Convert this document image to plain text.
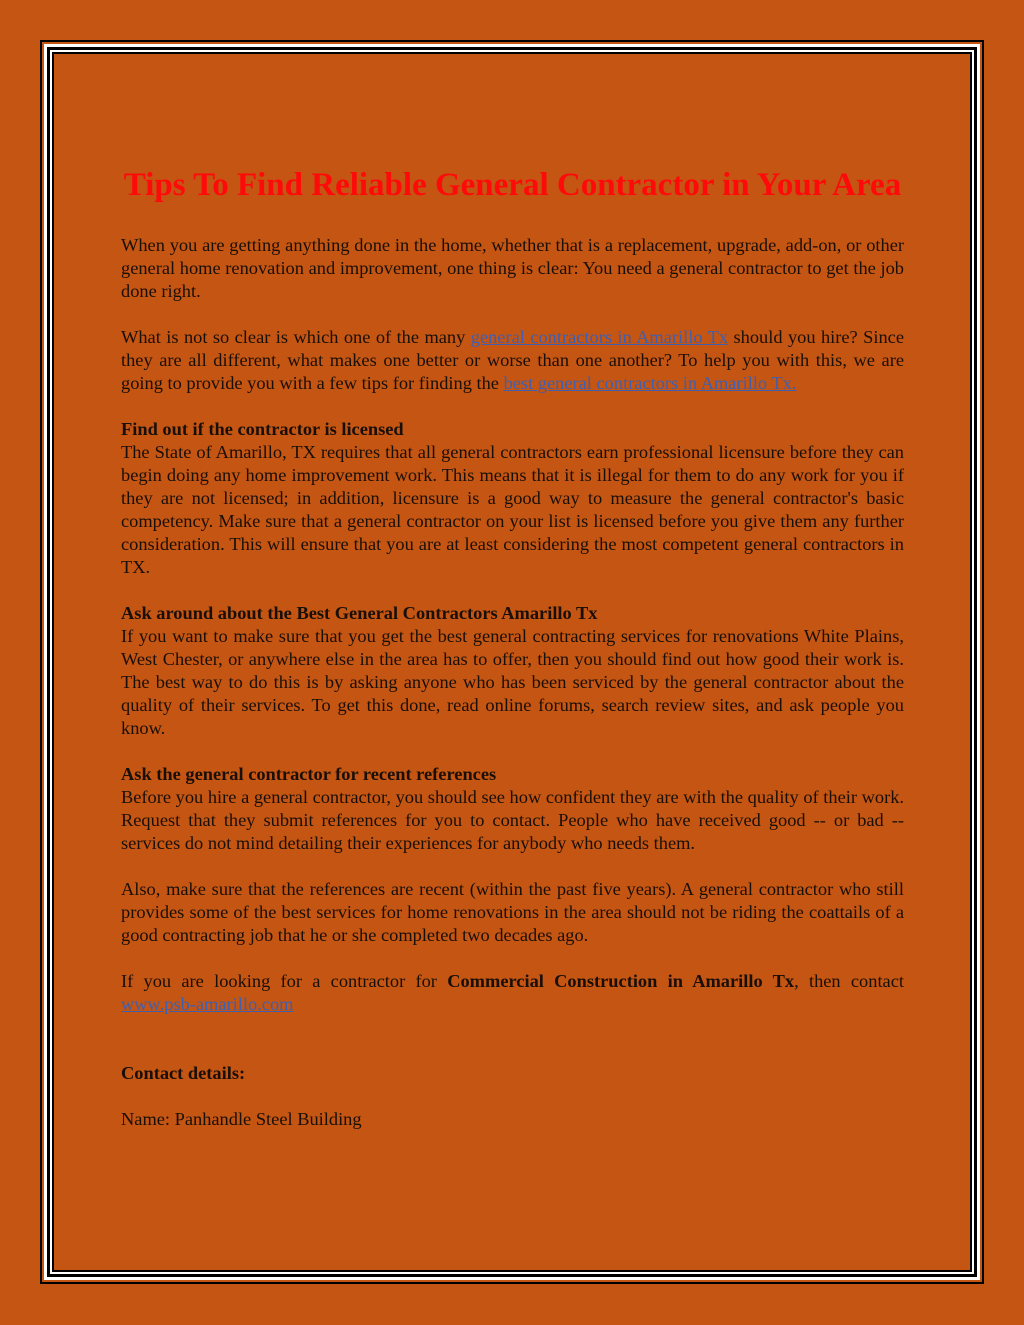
Tips To Find Reliable General Contractor in Your Area

When you are getting anything done in the home, whether that is a replacement, upgrade, add-on, or other general home renovation and improvement, one thing is clear: You need a general contractor to get the job done right.

What is not so clear is which one of the many general contractors in Amarillo Tx should you hire? Since they are all different, what makes one better or worse than one another? To help you with this, we are going to provide you with a few tips for finding the best general contractors in Amarillo Tx.

Find out if the contractor is licensed
The State of Amarillo, TX requires that all general contractors earn professional licensure before they can begin doing any home improvement work. This means that it is illegal for them to do any work for you if they are not licensed; in addition, licensure is a good way to measure the general contractor's basic competency. Make sure that a general contractor on your list is licensed before you give them any further consideration. This will ensure that you are at least considering the most competent general contractors in TX.

Ask around about the Best General Contractors Amarillo Tx
If you want to make sure that you get the best general contracting services for renovations White Plains, West Chester, or anywhere else in the area has to offer, then you should find out how good their work is. The best way to do this is by asking anyone who has been serviced by the general contractor about the quality of their services. To get this done, read online forums, search review sites, and ask people you know.

Ask the general contractor for recent references
Before you hire a general contractor, you should see how confident they are with the quality of their work. Request that they submit references for you to contact. People who have received good -- or bad -- services do not mind detailing their experiences for anybody who needs them.

Also, make sure that the references are recent (within the past five years). A general contractor who still provides some of the best services for home renovations in the area should not be riding the coattails of a good contracting job that he or she completed two decades ago.

If you are looking for a contractor for Commercial Construction in Amarillo Tx, then contact www.psb-amarillo.com

Contact details:

Name: Panhandle Steel Building
